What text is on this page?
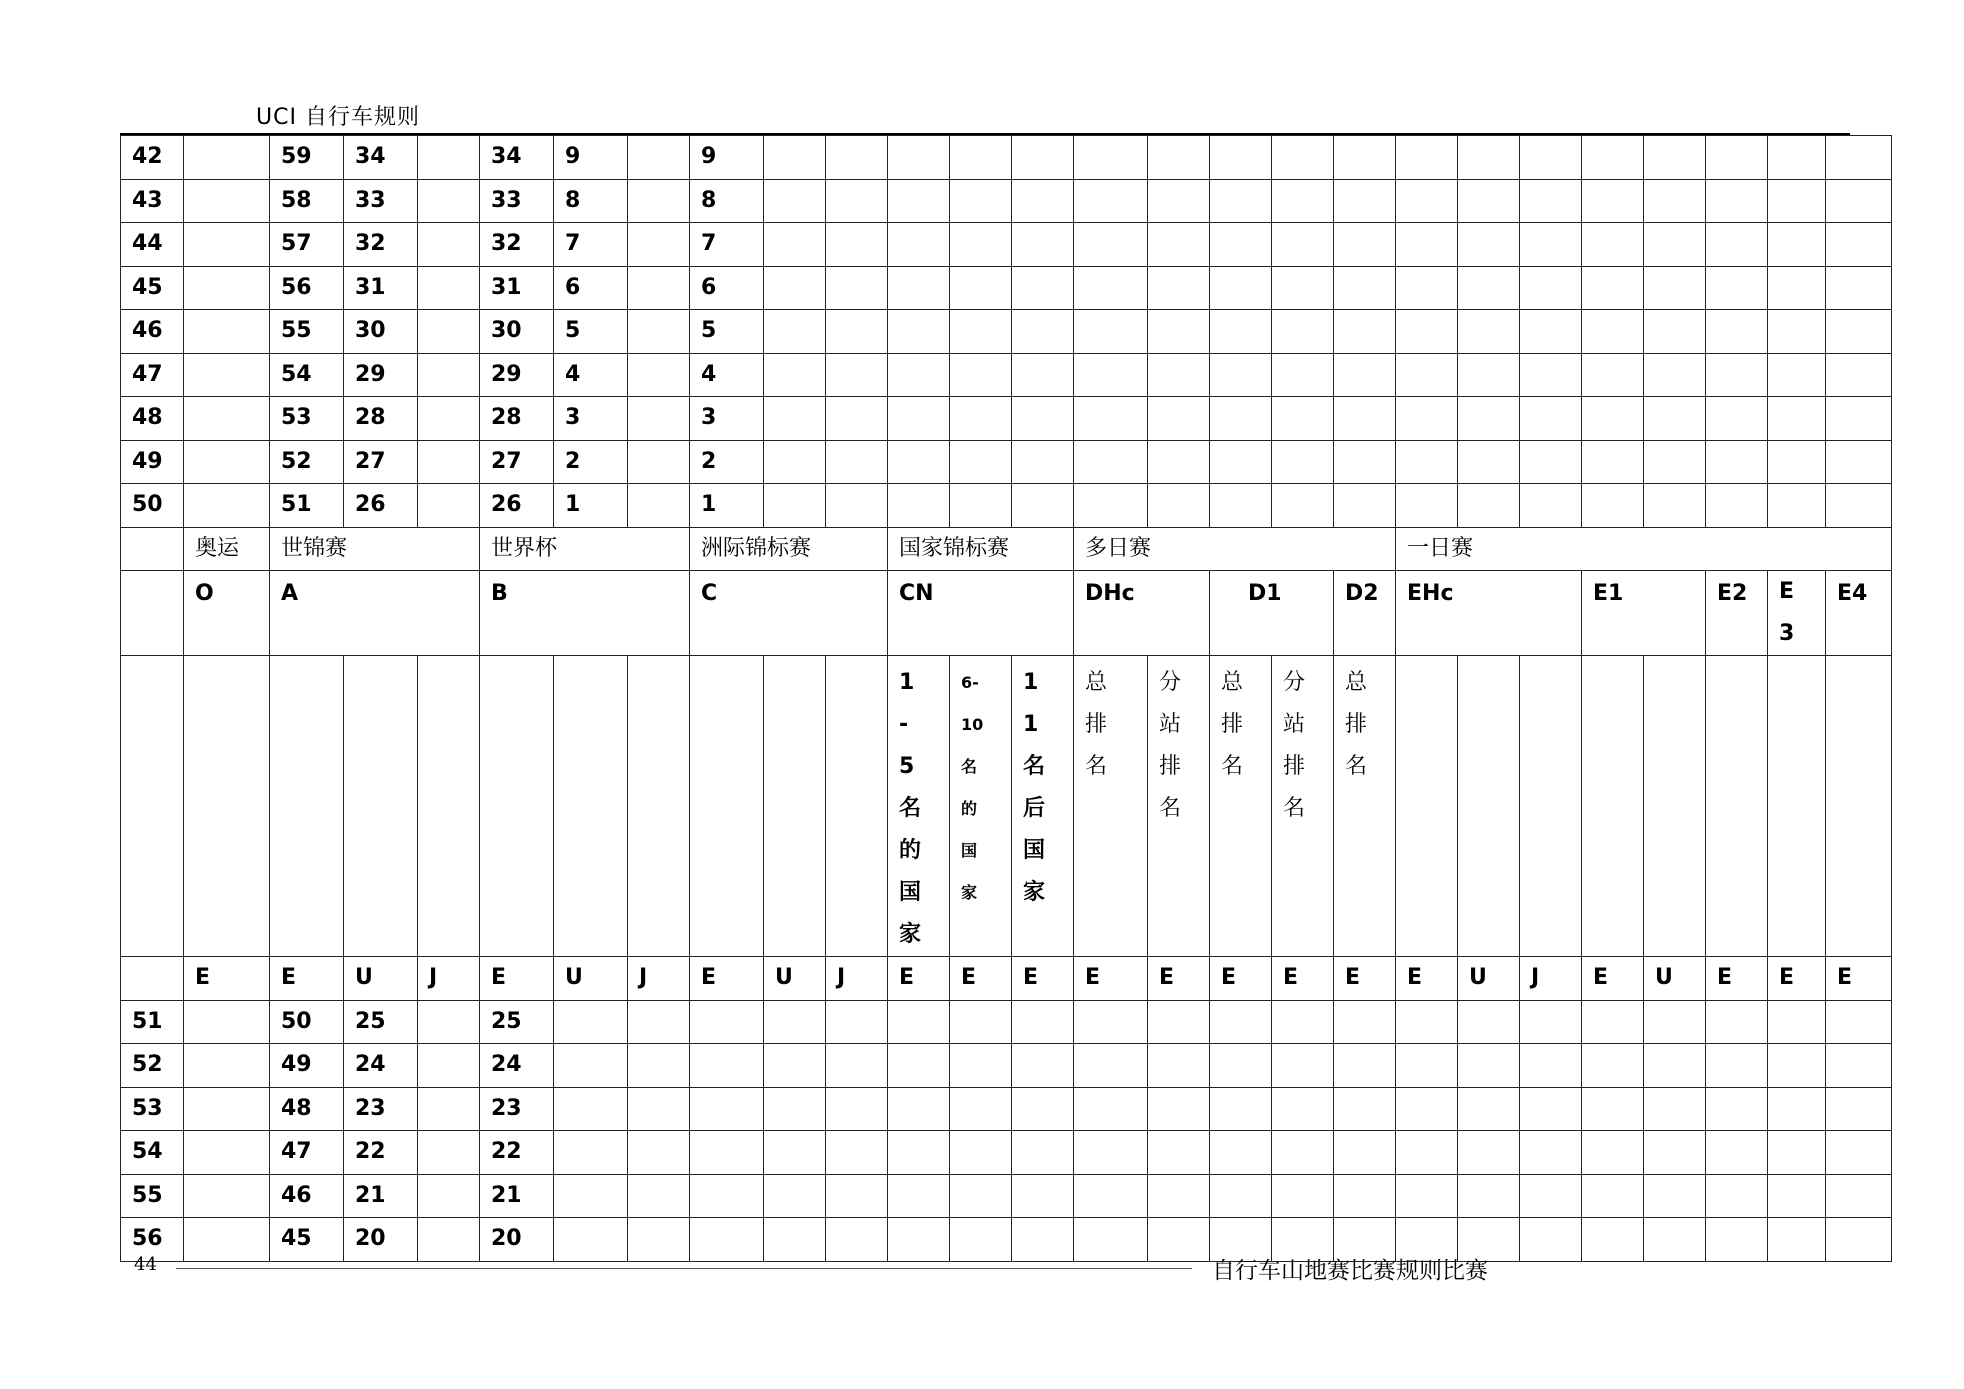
UCI 自行车规则
42		59	34		34	9		9																			
43		58	33		33	8		8																			
44		57	32		32	7		7																			
45		56	31		31	6		6																			
46		55	30		30	5		5																			
47		54	29		29	4		4																			
48		53	28		28	3		3																			
49		52	27		27	2		2																			
50		51	26		26	1		1																			
	奥运	世锦赛			世界杯			洲际锦标赛			国家锦标赛			多日赛					一日赛								
	O	A			B			C			CN			DHc		D1		D2	EHc			E1		E2	E3	E4	

											1-5名的国家	6-10名的国家	11名后国家	总排名	分站排名	总排名	分站排名	总排名									

	E	E	U	J	E	U	J	E	U	J	E	E	E	E	E	E	E	E	E	U	J	E	U	E	E	E	
51		50	25		25																						
52		49	24		24																						
53		48	23		23																						
54		47	22		22																						
55		46	21		21																						
56		45	20		20																						
44	自行车山地赛比赛规则比赛
